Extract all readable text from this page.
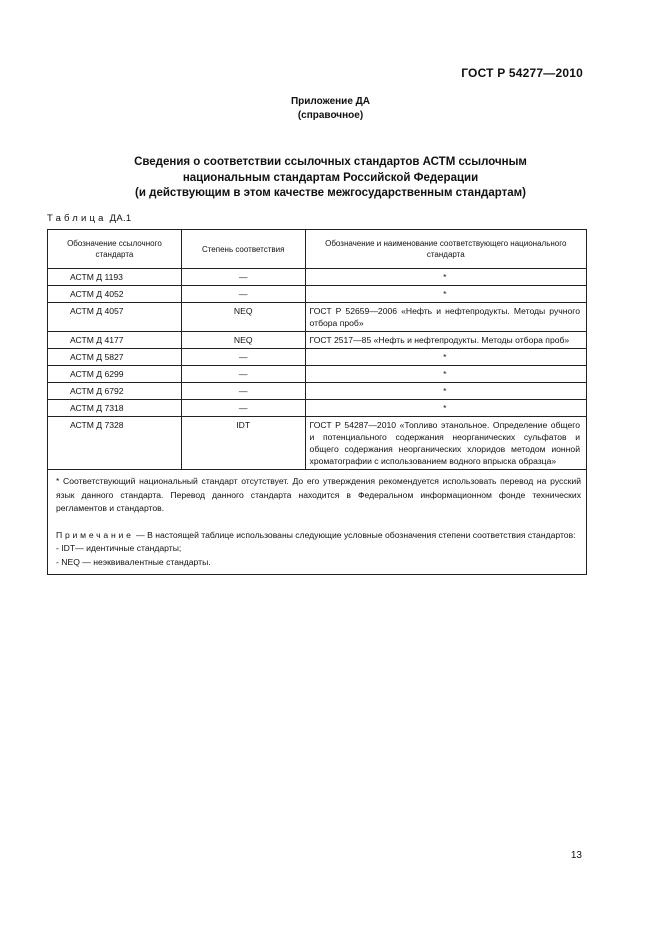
ГОСТ Р 54277—2010
Приложение ДА
(справочное)
Сведения о соответствии ссылочных стандартов АСТМ ссылочным
национальным стандартам Российской Федерации
(и действующим в этом качестве межгосударственным стандартам)
Таблица ДА.1
Обозначение ссылочного стандарта	Степень соответствия	Обозначение и наименование соответствующего национального стандарта
АСТМ Д 1193	—	*
АСТМ Д 4052	—	*
АСТМ Д 4057	NEQ	ГОСТ Р 52659—2006 «Нефть и нефтепродукты. Методы ручного отбора проб»
АСТМ Д 4177	NEQ	ГОСТ 2517—85 «Нефть и нефтепродукты. Методы отбора проб»
АСТМ Д 5827	—	*
АСТМ Д 6299	—	*
АСТМ Д 6792	—	*
АСТМ Д 7318	—	*
АСТМ Д 7328	IDT	ГОСТ Р 54287—2010 «Топливо этанольное. Определение общего и потенциального содержания неорганических сульфатов и общего содержания неорганических хлоридов методом ионной хроматографии с использованием водного впрыска образца»

* Соответствующий национальный стандарт отсутствует. До его утверждения рекомендуется использовать перевод на русский язык данного стандарта. Перевод данного стандарта находится в Федеральном информационном фонде технических регламентов и стандартов.

Примечание — В настоящей таблице использованы следующие условные обозначения степени соответствия стандартов:

- IDT— идентичные стандарты;

- NEQ — неэквивалентные стандарты.		

13
